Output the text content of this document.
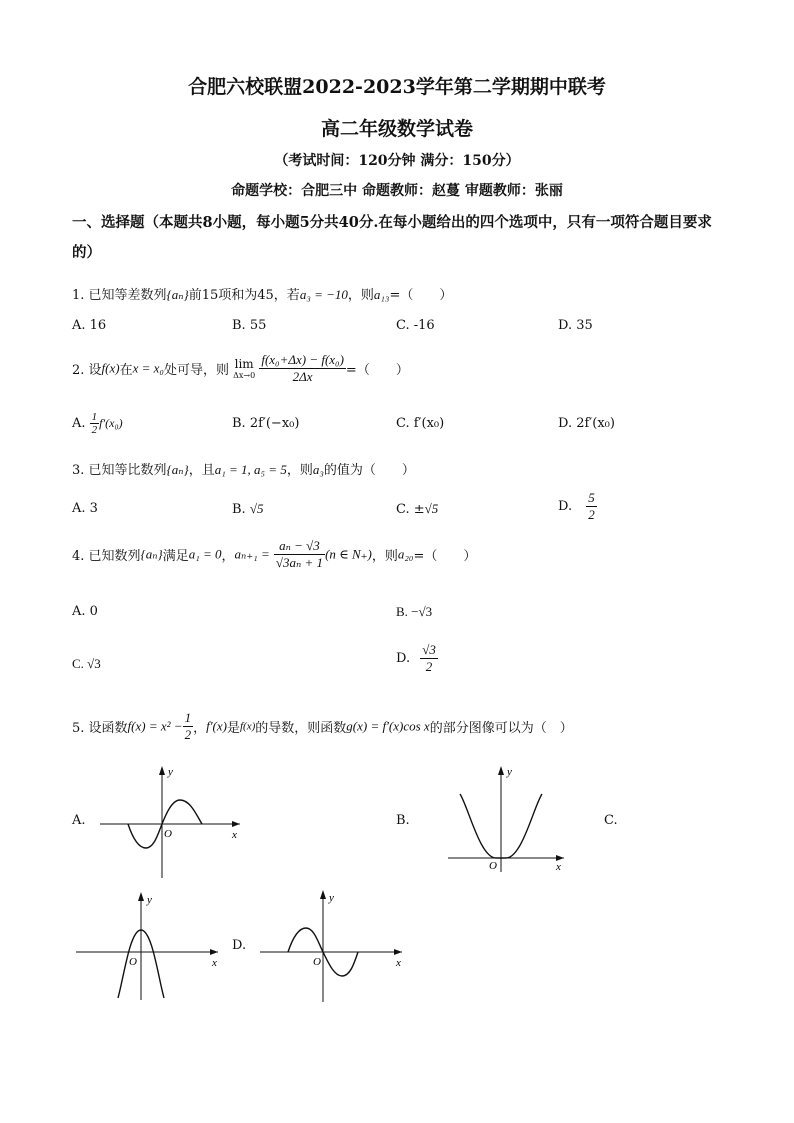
合肥六校联盟2022-2023学年第二学期期中联考
高二年级数学试卷
（考试时间：120分钟 满分：150分）
命题学校：合肥三中 命题教师：赵蔓 审题教师：张丽
一、选择题（本题共8小题，每小题5分共40分.在每小题给出的四个选项中，只有一项符合题目要求的）
1. 已知等差数列{aₙ}前15项和为45，若a₃ = −10，则a₁₃=（　　）
A. 16	B. 55	C. -16	D. 35
2. 设f(x)在x = x₀处可导，则 lim
Δx→0
$\frac{\text{f(x₀+Δx) − f(x₀)}}{2\Delta x}$ =（　　）
A. $\frac{1}{2} f'(x_0)$	B. 2f′(−x₀)	C. f′(x₀)	D. 2f′(x₀)
3. 已知等比数列{aₙ}，且a₁ = 1, a₅ = 5，则a₃的值为（　　）
A. 3	B. √5	C. ±√5	D. $\frac{5}{2}$
4. 已知数列{aₙ}满足a₁ = 0，$a_{n+1} = \frac{\text{aₙ − √3}}{\text{√3aₙ + 1}} (n$ ∈ N₊)，则a₂₀=（　　）
A. 0	B. −√3
C. √3	D. $\frac{√3}{2}$
5. 设函数$f(x) = x^2 - \frac{1}{2}$ ，f′(x)是f(x)的导数，则函数g(x) = f′(x)cos x的部分图像可以为（　）
A.	B.	C.
D.
y
x
O
y
x
O
y
x
O
y
x
O
